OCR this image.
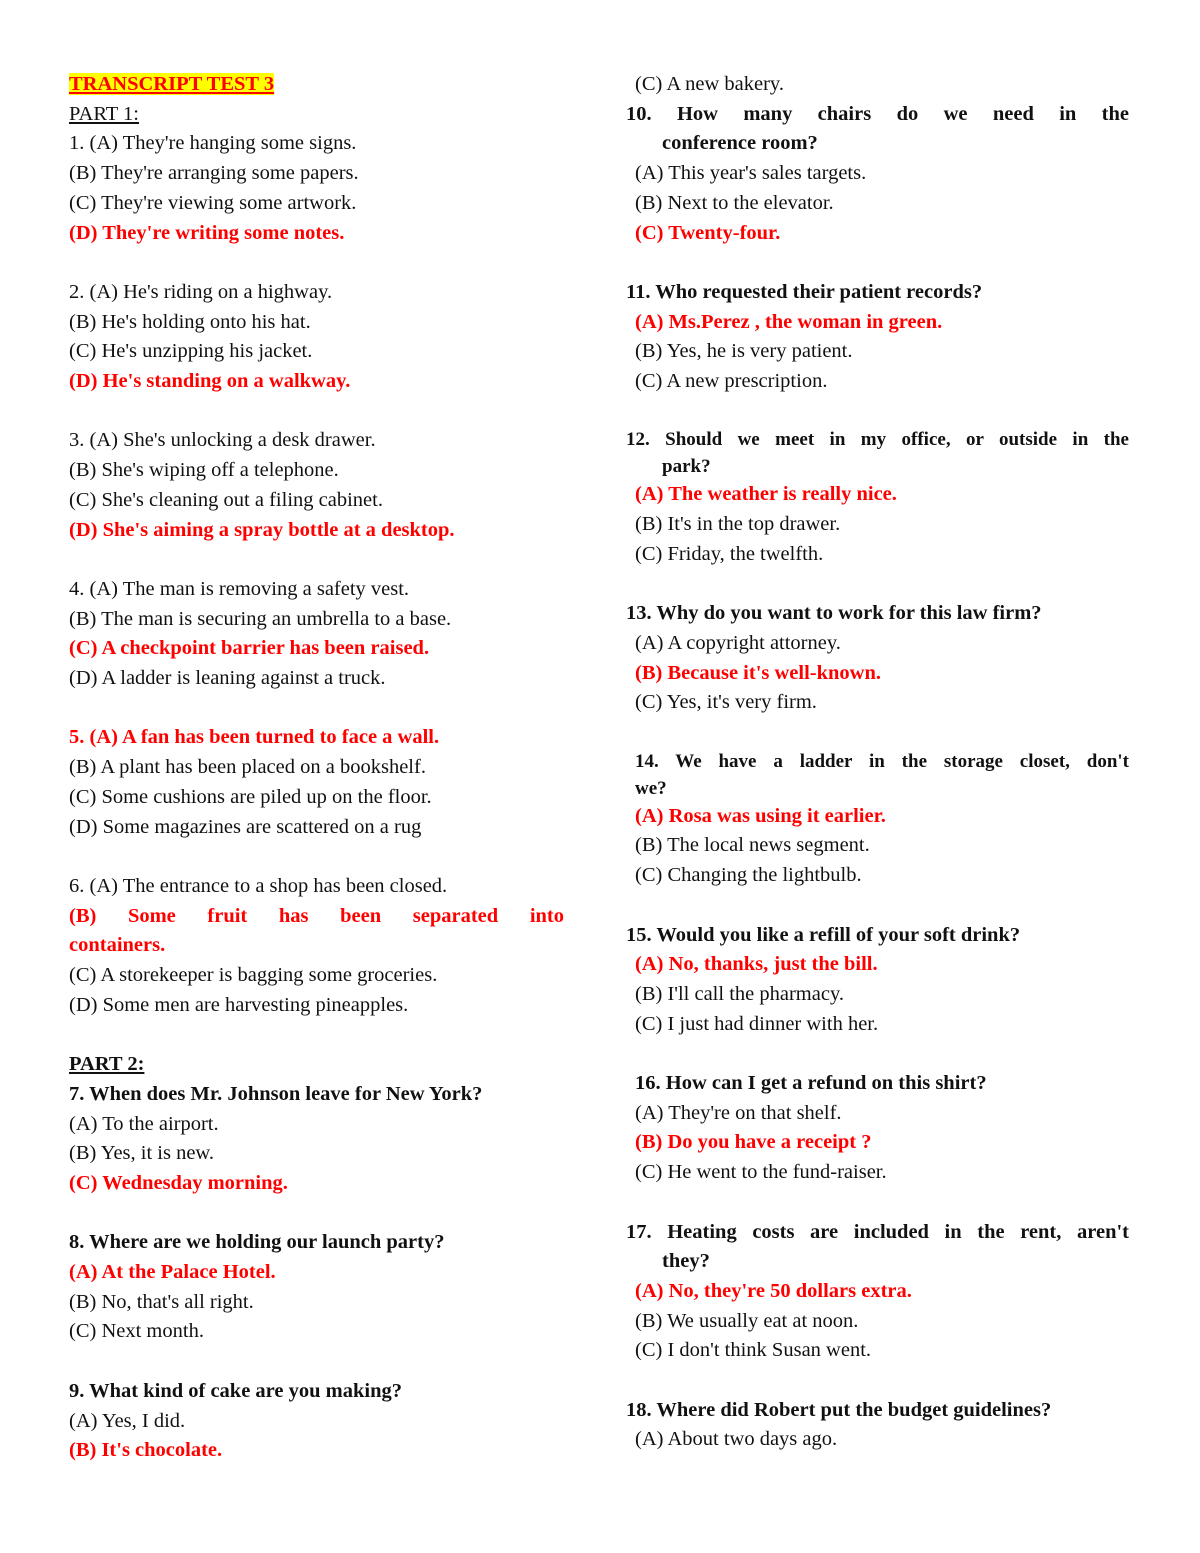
TRANSCRIPT TEST 3
PART 1:
1. (A) They're hanging some signs.
(B) They're arranging some papers.
(C) They're viewing some artwork.
(D) They're writing some notes.
2. (A) He's riding on a highway.
(B) He's holding onto his hat.
(C) He's unzipping his jacket.
(D) He's standing on a walkway.
3. (A) She's unlocking a desk drawer.
(B) She's wiping off a telephone.
(C) She's cleaning out a filing cabinet.
(D) She's aiming a spray bottle at a desktop.
4. (A) The man is removing a safety vest.
(B) The man is securing an umbrella to a base.
(C) A checkpoint barrier has been raised.
(D) A ladder is leaning against a truck.
5. (A) A fan has been turned to face a wall.
(B) A plant has been placed on a bookshelf.
(C) Some cushions are piled up on the floor.
(D) Some magazines are scattered on a rug
6. (A) The entrance to a shop has been closed.
(B) Some fruit has been separated into
containers.
(C) A storekeeper is bagging some groceries.
(D) Some men are harvesting pineapples.
PART 2:
7. When does Mr. Johnson leave for New York?
(A) To the airport.
(B) Yes, it is new.
(C) Wednesday morning.
8. Where are we holding our launch party?
(A) At the Palace Hotel.
(B) No, that's all right.
(C) Next month.
9. What kind of cake are you making?
(A) Yes, I did.
(B) It's chocolate.
(C) A new bakery.
10. How many chairs do we need in the
conference room?
(A) This year's sales targets.
(B) Next to the elevator.
(C) Twenty-four.
11. Who requested their patient records?
(A) Ms.Perez , the woman in green.
(B) Yes, he is very patient.
(C) A new prescription.
12. Should we meet in my office, or outside in the
park?
(A) The weather is really nice.
(B) It's in the top drawer.
(C) Friday, the twelfth.
13. Why do you want to work for this law firm?
(A) A copyright attorney.
(B) Because it's well-known.
(C) Yes, it's very firm.
14. We have a ladder in the storage closet, don't
we?
(A) Rosa was using it earlier.
(B) The local news segment.
(C) Changing the lightbulb.
15. Would you like a refill of your soft drink?
(A) No, thanks, just the bill.
(B) I'll call the pharmacy.
(C) I just had dinner with her.
16. How can I get a refund on this shirt?
(A) They're on that shelf.
(B) Do you have a receipt ?
(C) He went to the fund-raiser.
17. Heating costs are included in the rent, aren't
they?
(A) No, they're 50 dollars extra.
(B) We usually eat at noon.
(C) I don't think Susan went.
18. Where did Robert put the budget guidelines?
(A) About two days ago.
